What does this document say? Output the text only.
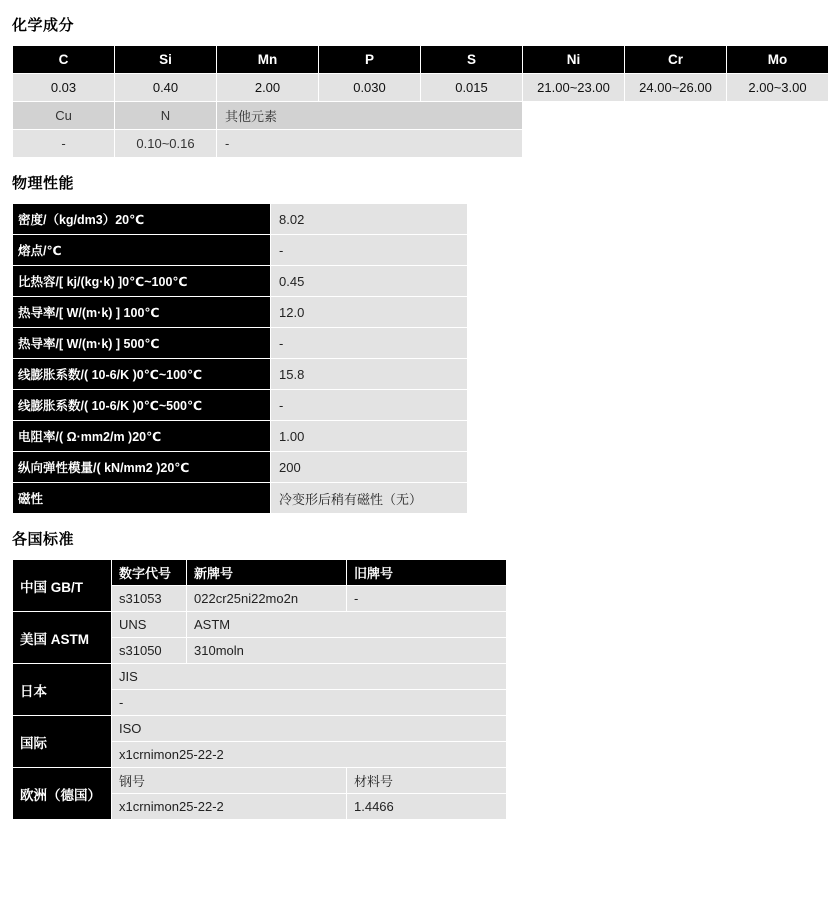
化学成分
C	Si	Mn	P	S	Ni	Cr	Mo
0.03	0.40	2.00	0.030	0.015	21.00~23.00	24.00~26.00	2.00~3.00
Cu	N	其他元素					
-	0.10~0.16	-					
物理性能
密度/（kg/dm3）20℃	8.02
熔点/℃	-
比热容/[ kj/(kg·k) ]0℃~100℃	0.45
热导率/[ W/(m·k) ] 100℃	12.0
热导率/[ W/(m·k) ] 500℃	-
线膨胀系数/( 10-6/K )0℃~100℃	15.8
线膨胀系数/( 10-6/K )0℃~500℃	-
电阻率/( Ω·mm2/m )20℃	1.00
纵向弹性模量/( kN/mm2 )20℃	200
磁性	冷变形后稍有磁性（无）
各国标准
中国 GB/T	数字代号	新牌号	旧牌号
	s31053	022cr25ni22mo2n	-
美国 ASTM	UNS	ASTM	
	s31050	310moln	
日本	JIS		
	-		
国际	ISO		
	x1crnimon25-22-2		
欧洲（德国）	钢号		材料号
	x1crnimon25-22-2		1.4466
